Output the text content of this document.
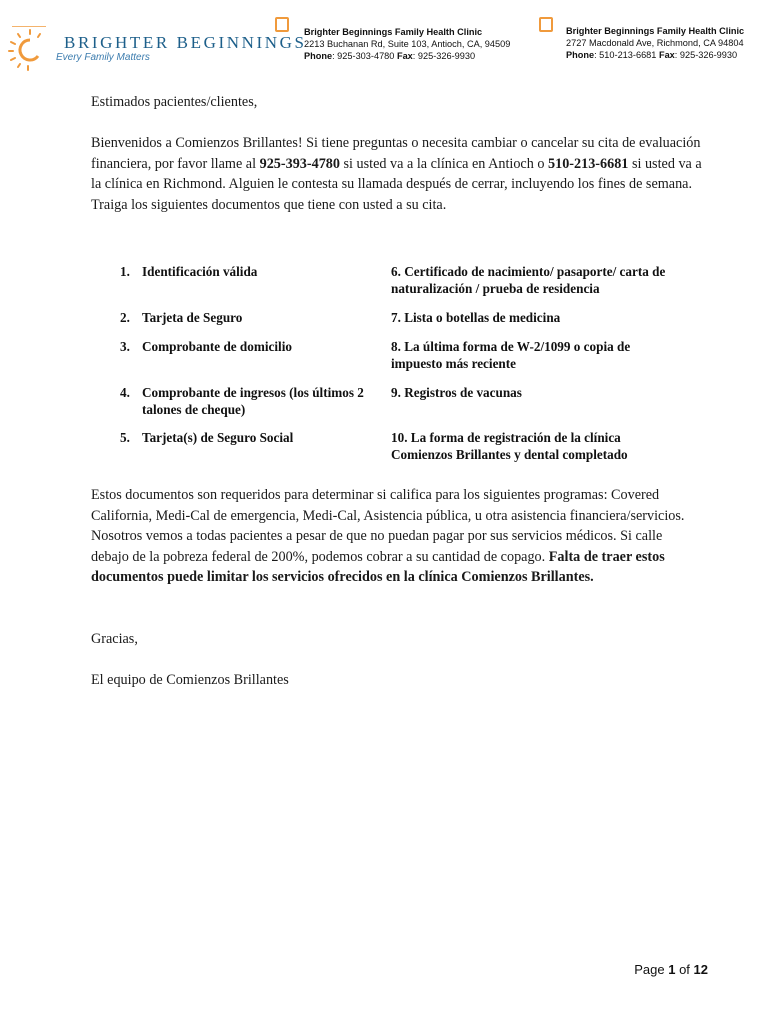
BRIGHTER BEGINNINGS
Every Family Matters
Brighter Beginnings Family Health Clinic
2213 Buchanan Rd, Suite 103, Antioch, CA, 94509
Phone: 925-303-4780 Fax: 925-326-9930
Brighter Beginnings Family Health Clinic
2727 Macdonald Ave, Richmond, CA 94804
Phone: 510-213-6681 Fax: 925-326-9930
Estimados pacientes/clientes,
Bienvenidos a Comienzos Brillantes! Si tiene preguntas o necesita cambiar o cancelar su cita de evaluación financiera, por favor llame al 925-393-4780 si usted va a la clínica en Antioch o 510-213-6681 si usted va a la clínica en Richmond. Alguien le contesta su llamada después de cerrar, incluyendo los fines de semana. Traiga los siguientes documentos que tiene con usted a su cita.
1. Identificación válida
2. Tarjeta de Seguro
3. Comprobante de domicilio
4. Comprobante de ingresos (los últimos 2 talones de cheque)
5. Tarjeta(s) de Seguro Social
6. Certificado de nacimiento/ pasaporte/ carta de naturalización / prueba de residencia
7. Lista o botellas de medicina
8. La última forma de W-2/1099 o copia de impuesto más reciente
9. Registros de vacunas
10. La forma de registración de la clínica Comienzos Brillantes y dental completado
Estos documentos son requeridos para determinar si califica para los siguientes programas: Covered California, Medi-Cal de emergencia, Medi-Cal, Asistencia pública, u otra asistencia financiera/servicios. Nosotros vemos a todas pacientes a pesar de que no puedan pagar por sus servicios médicos. Si calle debajo de la pobreza federal de 200%, podemos cobrar a su cantidad de copago. Falta de traer estos documentos puede limitar los servicios ofrecidos en la clínica Comienzos Brillantes.
Gracias,
El equipo de Comienzos Brillantes
Page 1 of 12
